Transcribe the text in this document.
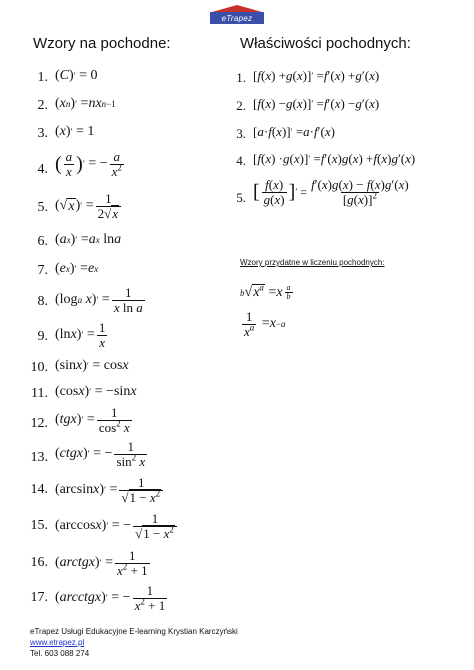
eTrapez
Wzory na pochodne:	Właściwości pochodnych:
1. ( C ) ′ = 0
2. ( x n ) ′ = nx n−1
3. ( x ) ′ = 1
4. ( $\frac{a}{x}$ ) ′ = − $\frac{a}{x^2}$
5. (√ x ) ′ = $\frac{1}{2√x}$
6. ( a x ) ′ = a x ln a
7. ( e x ) ′ = e x
8. (log a
x ) ′ = $\frac{1}{\text{x ln a}}$
9. (ln x ) ′ = $\frac{1}{x}$
10. (sin x ) ′ = cos x
11. (cos x ) ′ = −sin x
12. ( tgx ) ′ = $\frac{1}{\cos^2 x}$
13. ( ctgx ) ′ = − $\frac{1}{\sin^2 x}$
14. (arcsin x ) ′ = $\frac{1}{√1 - x^2}$
15. (arccos x ) ′ = − $\frac{1}{√1 - x^2}$
16. ( arctgx ) ′ = $\frac{1}{x^2 + 1}$
17. ( arcctgx ) ′ = − $\frac{1}{x^2 + 1}$
1. [ f ( x ) + g ( x )] ′ = f ′( x ) + g ′( x )
2. [ f ( x ) − g ( x )] ′ = f ′( x ) − g ′( x )
3. [ a · f ( x )] ′ = a · f ′( x )
4. [ f ( x ) · g ( x )] ′ = f ′( x ) g ( x ) + f ( x ) g ′( x )
5. [ $\frac{f(x)}{g(x)}$ ] ′ = $\frac{f'(x)g(x) - f(x)g'(x)}{[g(x)]^2}$
Wzory przydatne w liczeniu pochodnych:
b √ $x^a = x \frac{a}{b}$
$\frac{1}{x^a} = x -a$
eTrapez Usługi Edukacyjne E-learning Krystian Karczyński
www.etrapez.pl
Tel. 603 088 274
